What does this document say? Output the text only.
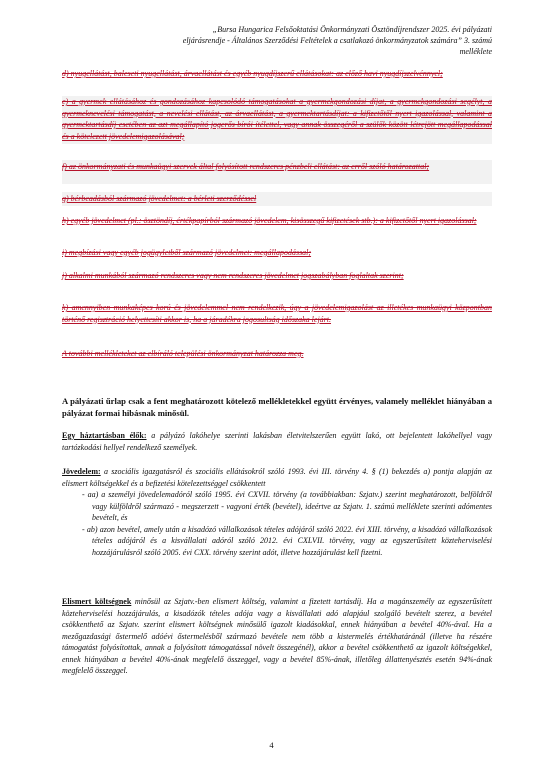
„Bursa Hungarica Felsőoktatási Önkormányzati Ösztöndíjrendszer 2025. évi pályázati
eljárásrendje - Általános Szerződési Feltételek a csatlakozó önkormányzatok számára” 3. számú
melléklete

d) nyugellátást, baleseti nyugellátást, árvaellátást és egyéb nyugdíjszerű ellátásokat: az előző havi nyugdíjszelvénnyel;

e) a gyermek ellátásához és gondozásához kapcsolódó támogatásokat a gyermekgondozási díjat, a gyermekgondozási segélyt, a gyermeknevelési támogatást, a nevelési ellátást, az árvaellátást, a gyermektartásdíjat: a kifizetőtől nyert igazolással, valamint a gyermektartásdíj esetében az azt megállapító jogerős bírói ítélettel, vagy annak összegéről a szülők között létrejött megállapodással és a kötelezett jövedelemigazolásával;

f) az önkormányzati és munkaügyi szervek által folyósított rendszeres pénzbeli ellátást: az erről szóló határozattal;

g) bérbeadásból származó jövedelmet: a bérleti szerződéssel

h) egyéb jövedelmet (pl.: ösztöndíj, értékpapírból származó jövedelem, kisösszegű kifizetések stb.): a kifizetőtől nyert igazolással;

i) megbízási vagy egyéb jogügyletből származó jövedelmet: megállapodással;

j) alkalmi munkából származó rendszeres vagy nem rendszeres jövedelmet jogszabályban foglaltak szerint;

k) amennyiben munkaképes korú és jövedelemmel nem rendelkezik, úgy a jövedelemigazolást az illetékes munkaügyi központban történő regisztráció helyettesíti akkor is, ha a járadékra jogosultság időszaka lejárt.

A további mellékleteket az elbíráló települési önkormányzat határozza meg.

A pályázati űrlap csak a fent meghatározott kötelező mellékletekkel együtt érvényes, valamely melléklet hiányában a pályázat formai hibásnak minősül.
Egy háztartásban élők: a pályázó lakóhelye szerinti lakásban életvitelszerűen együtt lakó, ott bejelentett lakóhellyel vagy tartózkodási hellyel rendelkező személyek.
Jövedelem: a szociális igazgatásról és szociális ellátásokról szóló 1993. évi III. törvény 4. § (1) bekezdés a) pontja alapján az elismert költségekkel és a befizetési kötelezettséggel csökkentett
- aa) a személyi jövedelemadóról szóló 1995. évi CXVII. törvény (a továbbiakban: Szjatv.) szerint meghatározott, belföldről vagy külföldről származó - megszerzett - vagyoni érték (bevétel), ideértve az Szjatv. 1. számú melléklete szerinti adómentes bevételt, és
- ab) azon bevétel, amely után a kisadózó vállalkozások tételes adójáról szóló 2022. évi XIII. törvény, a kisadózó vállalkozások tételes adójáról és a kisvállalati adóról szóló 2012. évi CXLVII. törvény, vagy az egyszerűsített közteherviselési hozzájárulásról szóló 2005. évi CXX. törvény szerint adót, illetve hozzájárulást kell fizetni.
Elismert költségnek minősül az Szjatv.-ben elismert költség, valamint a fizetett tartásdíj. Ha a magánszemély az egyszerűsített közteherviselési hozzájárulás, a kisadózók tételes adója vagy a kisvállalati adó alapjául szolgáló bevételt szerez, a bevétel csökkenthető az Szjatv. szerint elismert költségnek minősülő igazolt kiadásokkal, ennek hiányában a bevétel 40%-ával. Ha a mezőgazdasági őstermelő adóévi őstermelésből származó bevétele nem több a kistermelés értékhatáránál (illetve ha részére támogatást folyósítottak, annak a folyósított támogatással növelt összegénél), akkor a bevétel csökkenthető az igazolt költségekkel, ennek hiányában a bevétel 40%-ának megfelelő összeggel, vagy a bevétel 85%-ának, illetőleg állattenyésztés esetén 94%-ának megfelelő összeggel.
4
